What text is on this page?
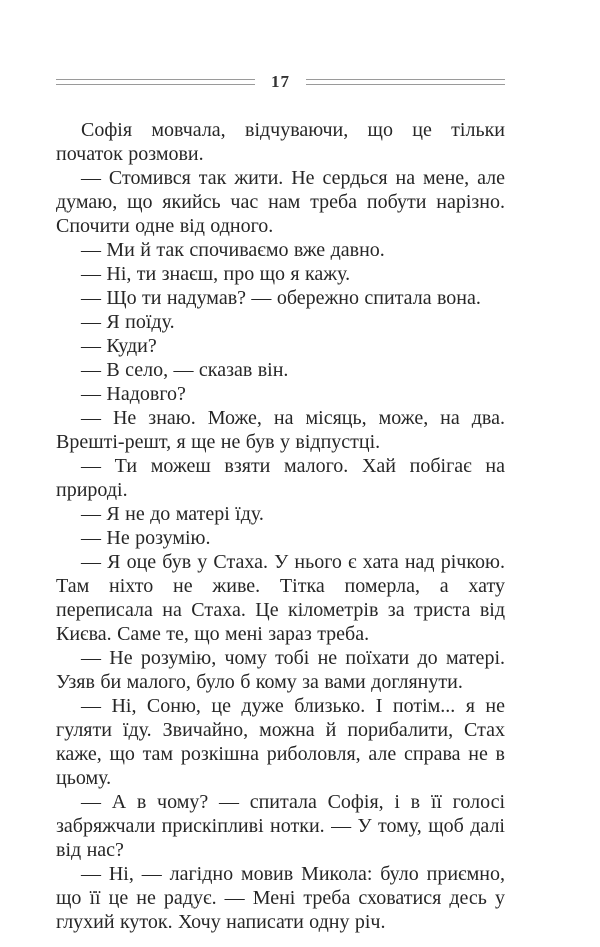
17

Софія мовчала, відчуваючи, що це тільки початок розмови.

— Стомився так жити. Не сердься на мене, але думаю, що якийсь час нам треба побути нарізно. Спочити одне від одного.

— Ми й так спочиваємо вже давно.

— Ні, ти знаєш, про що я кажу.

— Що ти надумав? — обережно спитала вона.

— Я поїду.

— Куди?

— В село, — сказав він.

— Надовго?

— Не знаю. Може, на місяць, може, на два. Врешті-решт, я ще не був у відпустці.

— Ти можеш взяти малого. Хай побігає на природі.

— Я не до матері їду.

— Не розумію.

— Я оце був у Стаха. У нього є хата над річкою. Там ніхто не живе. Тітка померла, а хату переписала на Стаха. Це кілометрів за триста від Києва. Саме те, що мені зараз треба.

— Не розумію, чому тобі не поїхати до матері. Узяв би малого, було б кому за вами доглянути.

— Ні, Соню, це дуже близько. І потім... я не гуляти їду. Звичайно, можна й порибалити, Стах каже, що там розкішна риболовля, але справа не в цьому.

— А в чому? — спитала Софія, і в її голосі забряжчали прискіпливі нотки. — У тому, щоб далі від нас?

— Ні, — лагідно мовив Микола: було приємно, що її це не радує. — Мені треба сховатися десь у глухий куток. Хочу написати одну річ.
